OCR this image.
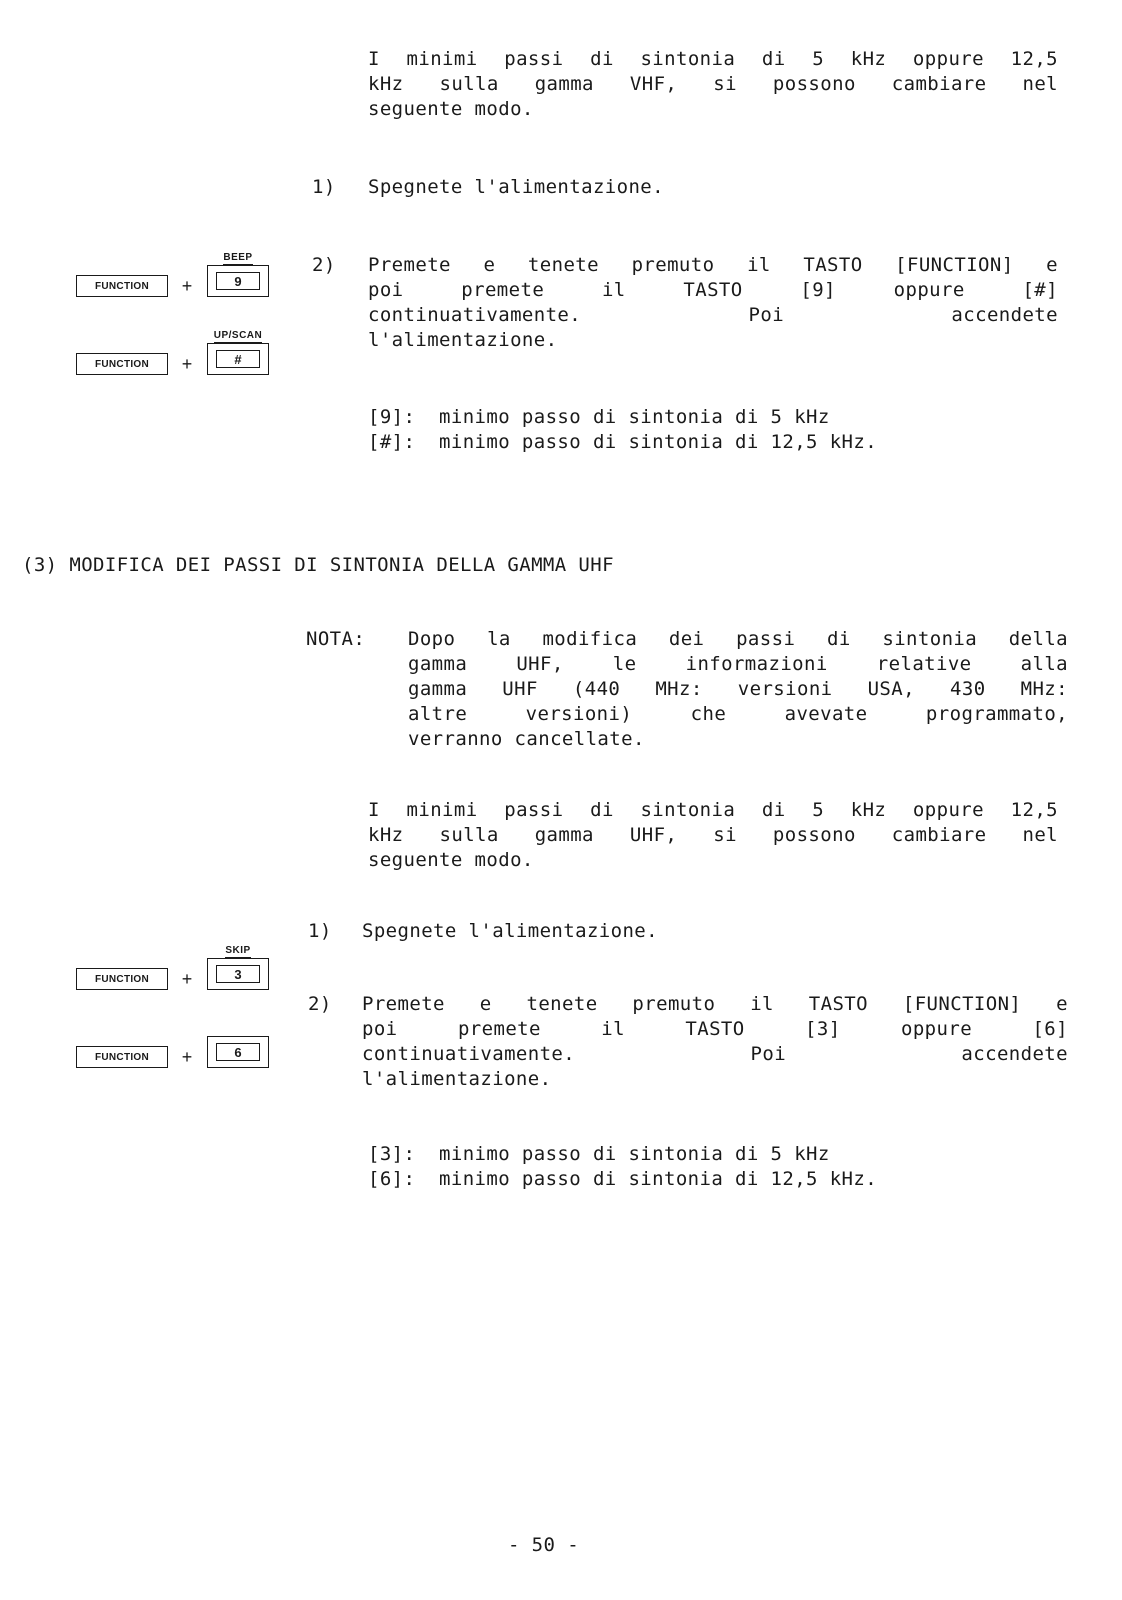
I minimi passi di sintonia di 5 kHz oppure 12,5
kHz sulla gamma VHF, si possono cambiare nel
seguente modo.
1) Spegnete l'alimentazione.
FUNCTION	+
BEEP
9
FUNCTION	+
UP/SCAN
#
2) Premete e tenete premuto il TASTO [FUNCTION] e
poi premete il TASTO [9] oppure [#]
continuativamente. Poi accendete
l'alimentazione.
[9]:  minimo passo di sintonia di 5 kHz
[#]:  minimo passo di sintonia di 12,5 kHz.
(3) MODIFICA DEI PASSI DI SINTONIA DELLA GAMMA UHF
NOTA: Dopo la modifica dei passi di sintonia della
gamma UHF, le informazioni relative alla
gamma UHF (440 MHz: versioni USA, 430 MHz:
altre versioni) che avevate programmato,
verranno cancellate.
I minimi passi di sintonia di 5 kHz oppure 12,5
kHz sulla gamma UHF, si possono cambiare nel
seguente modo.
1) Spegnete l'alimentazione.
FUNCTION	+
SKIP
3
FUNCTION	+	6
2) Premete e tenete premuto il TASTO [FUNCTION] e
poi premete il TASTO [3] oppure [6]
continuativamente. Poi accendete
l'alimentazione.
[3]:  minimo passo di sintonia di 5 kHz
[6]:  minimo passo di sintonia di 12,5 kHz.
- 50 -
